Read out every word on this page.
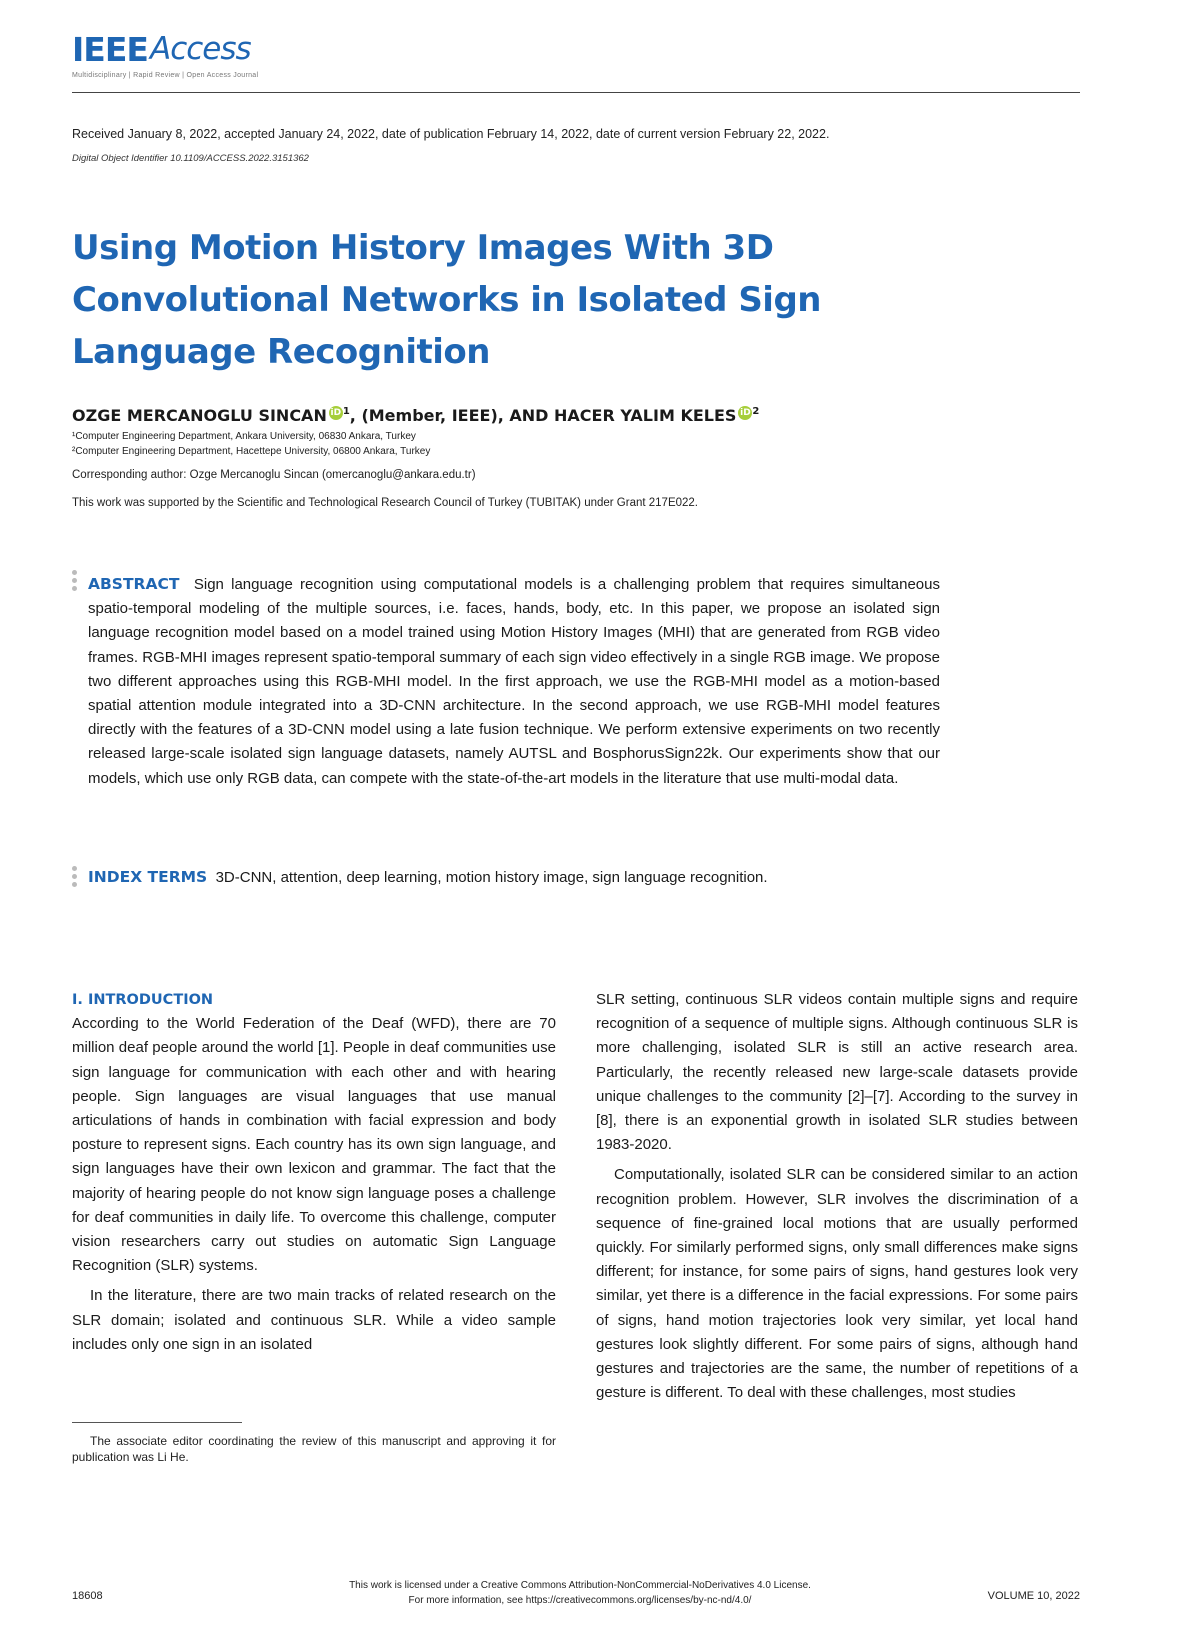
IEEE Access
Multidisciplinary | Rapid Review | Open Access Journal
Received January 8, 2022, accepted January 24, 2022, date of publication February 14, 2022, date of current version February 22, 2022.
Digital Object Identifier 10.1109/ACCESS.2022.3151362
Using Motion History Images With 3D Convolutional Networks in Isolated Sign Language Recognition
OZGE MERCANOGLU SINCAN iD $^1$, (Member, IEEE), AND HACER YALIM KELES iD $^2$
¹Computer Engineering Department, Ankara University, 06830 Ankara, Turkey
²Computer Engineering Department, Hacettepe University, 06800 Ankara, Turkey
Corresponding author: Ozge Mercanoglu Sincan (omercanoglu@ankara.edu.tr)
This work was supported by the Scientific and Technological Research Council of Turkey (TUBITAK) under Grant 217E022.
ABSTRACT Sign language recognition using computational models is a challenging problem that requires simultaneous spatio-temporal modeling of the multiple sources, i.e. faces, hands, body, etc. In this paper, we propose an isolated sign language recognition model based on a model trained using Motion History Images (MHI) that are generated from RGB video frames. RGB-MHI images represent spatio-temporal summary of each sign video effectively in a single RGB image. We propose two different approaches using this RGB-MHI model. In the first approach, we use the RGB-MHI model as a motion-based spatial attention module integrated into a 3D-CNN architecture. In the second approach, we use RGB-MHI model features directly with the features of a 3D-CNN model using a late fusion technique. We perform extensive experiments on two recently released large-scale isolated sign language datasets, namely AUTSL and BosphorusSign22k. Our experiments show that our models, which use only RGB data, can compete with the state-of-the-art models in the literature that use multi-modal data.
INDEX TERMS 3D-CNN, attention, deep learning, motion history image, sign language recognition.

I. INTRODUCTION

According to the World Federation of the Deaf (WFD), there are 70 million deaf people around the world [1]. People in deaf communities use sign language for communication with each other and with hearing people. Sign languages are visual languages that use manual articulations of hands in combination with facial expression and body posture to represent signs. Each country has its own sign language, and sign languages have their own lexicon and grammar. The fact that the majority of hearing people do not know sign language poses a challenge for deaf communities in daily life. To overcome this challenge, computer vision researchers carry out studies on automatic Sign Language Recognition (SLR) systems.

In the literature, there are two main tracks of related research on the SLR domain; isolated and continuous SLR. While a video sample includes only one sign in an isolated

SLR setting, continuous SLR videos contain multiple signs and require recognition of a sequence of multiple signs. Although continuous SLR is more challenging, isolated SLR is still an active research area. Particularly, the recently released new large-scale datasets provide unique challenges to the community [2]–[7]. According to the survey in [8], there is an exponential growth in isolated SLR studies between 1983-2020.

Computationally, isolated SLR can be considered similar to an action recognition problem. However, SLR involves the discrimination of a sequence of fine-grained local motions that are usually performed quickly. For similarly performed signs, only small differences make signs different; for instance, for some pairs of signs, hand gestures look very similar, yet there is a difference in the facial expressions. For some pairs of signs, hand motion trajectories look very similar, yet local hand gestures look slightly different. For some pairs of signs, although hand gestures and trajectories are the same, the number of repetitions of a gesture is different. To deal with these challenges, most studies

The associate editor coordinating the review of this manuscript and approving it for publication was Li He.
18608
This work is licensed under a Creative Commons Attribution-NonCommercial-NoDerivatives 4.0 License.
For more information, see https://creativecommons.org/licenses/by-nc-nd/4.0/	VOLUME 10, 2022
